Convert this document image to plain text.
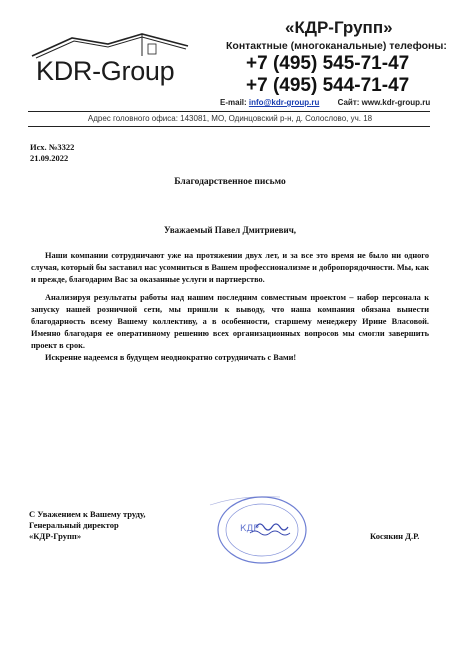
KDR-Group
«КДР-Групп»
Контактные (многоканальные) телефоны:
+7 (495) 545-71-47
+7 (495) 544-71-47
E-mail: info@kdr-group.ru Сайт: www.kdr-group.ru
Адрес головного офиса: 143081, МО, Одинцовский р-н, д. Солослово, уч. 18
Исх. №3322
21.09.2022
Благодарственное письмо
Уважаемый Павел Дмитриевич,
Наши компании сотрудничают уже на протяжении двух лет, и за все это время не было ни одного случая, который бы заставил нас усомниться в Вашем профессионализме и добропорядочности. Мы, как и прежде, благодарим Вас за оказанные услуги и партнерство.
Анализируя результаты работы над нашим последним совместным проектом – набор персонала к запуску нашей розничной сети, мы пришли к выводу, что наша компания обязана вынести благодарность всему Вашему коллективу, а в особенности, старшему менеджеру Ирине Власовой. Именно благодаря ее оперативному решению всех организационных вопросов мы смогли завершить проект в срок.
Искренне надеемся в будущем неоднократно сотрудничать с Вами!
С Уважением к Вашему труду,
Генеральный директор
«КДР-Групп»
КДР
Косякин Д.Р.
